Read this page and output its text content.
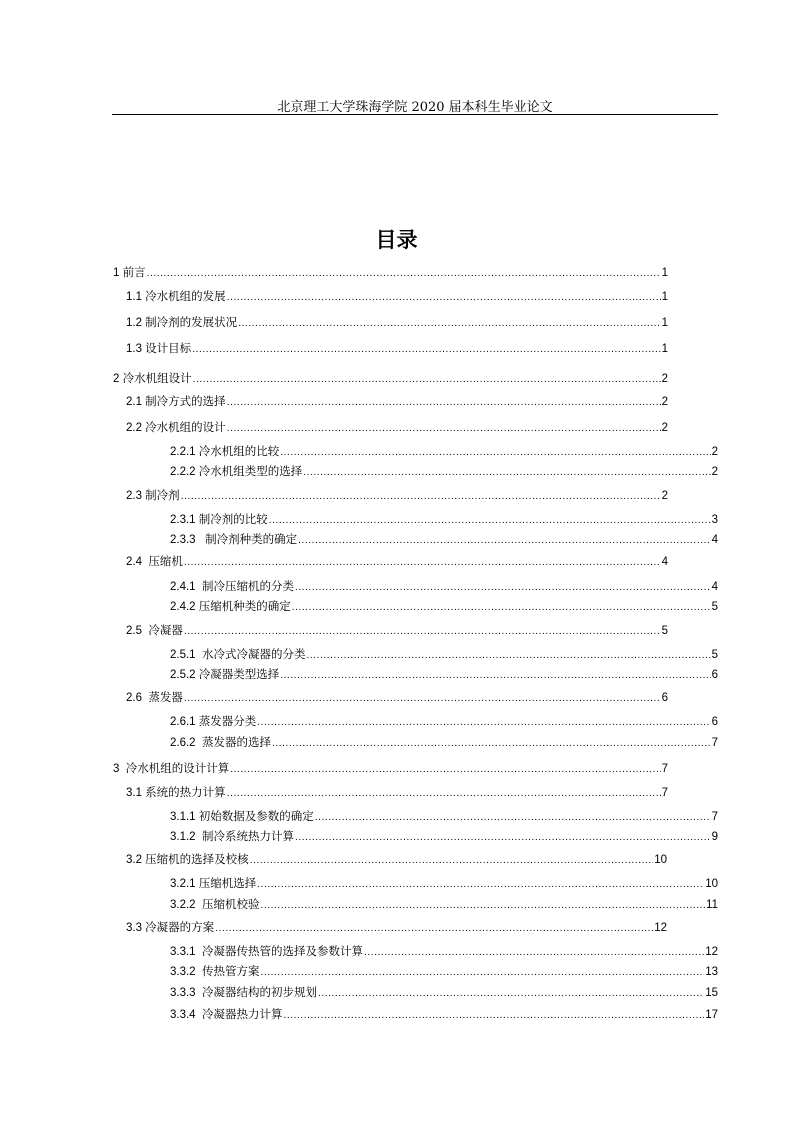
北京理工大学珠海学院 2020 届本科生毕业论文
目录
1 前言 .....	1
1.1 冷水机组的发展 .....	1
1.2 制冷剂的发展状况 .....	1
1.3 设计目标 .....	1
2 冷水机组设计 .....	2
2.1 制冷方式的选择 .....	2
2.2 冷水机组的设计 .....	2
2.2.1 冷水机组的比较 .....	2
2.2.2 冷水机组类型的选择 .....	2
2.3 制冷剂 .....	2
2.3.1 制冷剂的比较 .....	3
2.3.3   制冷剂种类的确定 .....	4
2.4  压缩机 .....	4
2.4.1  制冷压缩机的分类 .....	4
2.4.2 压缩机种类的确定 .....	5
2.5  冷凝器 .....	5
2.5.1  水冷式冷凝器的分类 .....	5
2.5.2 冷凝器类型选择 .....	6
2.6  蒸发器 .....	6
2.6.1 蒸发器分类 .....	6
2.6.2  蒸发器的选择 .....	7
3  冷水机组的设计计算 .....	7
3.1 系统的热力计算 .....	7
3.1.1 初始数据及参数的确定 .....	7
3.1.2  制冷系统热力计算 .....	9
3.2 压缩机的选择及校核 .....	10
3.2.1 压缩机选择 .....	10
3.2.2  压缩机校验 .....	11
3.3 冷凝器的方案 .....	12
3.3.1  冷凝器传热管的选择及参数计算 .....	12
3.3.2  传热管方案 .....	13
3.3.3  冷凝器结构的初步规划 .....	15
3.3.4  冷凝器热力计算 .....	17
